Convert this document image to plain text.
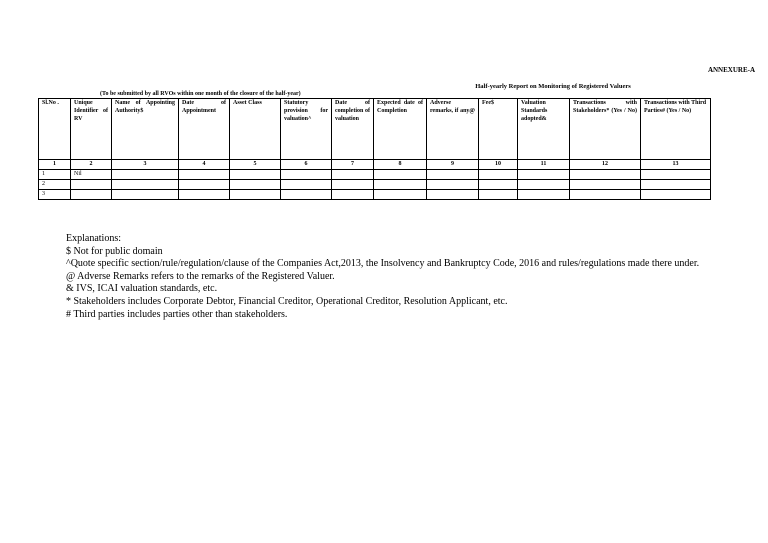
ANNEXURE-A
Half-yearly Report on Monitoring of Registered Valuers
(To be submitted by all RVOs within one month of the closure of the half-year)
Sl.No .	Unique Identifier of RV	Name of Appointing Authority$	Date of Appointment	Asset Class	Statutory provision for valuation^	Date of completion of valuation	Expected date of Completion	Adverse remarks, if any@	Fee$	Valuation Standards adopted&	Transactions with Stakeholders* (Yes / No)	Transactions with Third Parties# (Yes / No)
1	2	3	4	5	6	7	8	9	10	11	12	13
1	Nil											
2												
3												
Explanations:
$ Not for public domain
^Quote specific section/rule/regulation/clause of the Companies Act,2013, the Insolvency and Bankruptcy Code, 2016 and rules/regulations made there under.
@ Adverse Remarks refers to the remarks of the Registered Valuer.
& IVS, ICAI valuation standards, etc.
* Stakeholders includes Corporate Debtor, Financial Creditor, Operational Creditor, Resolution Applicant, etc.
# Third parties includes parties other than stakeholders.
